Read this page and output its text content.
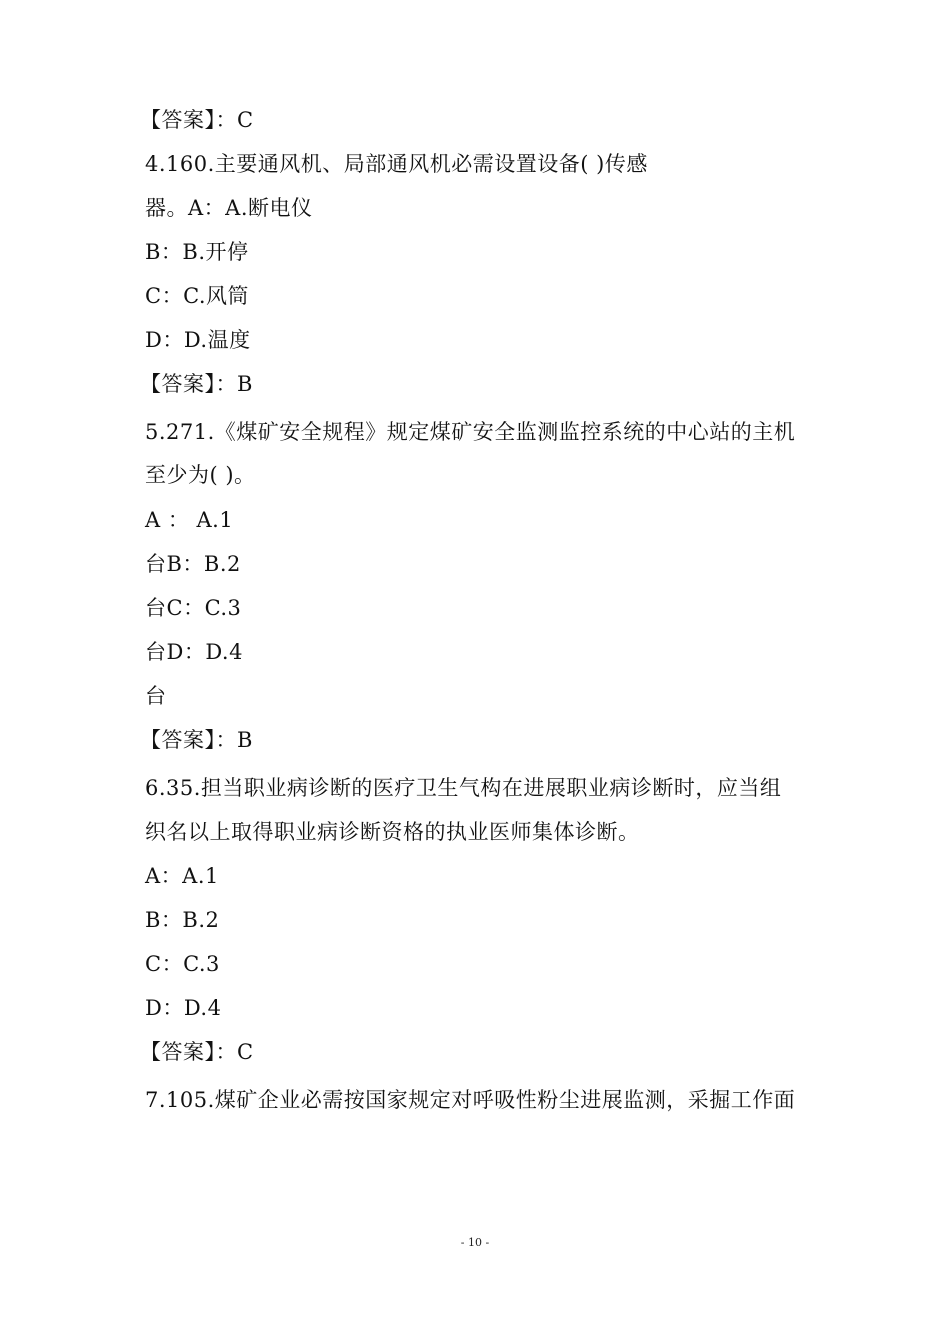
【答案】：C
4.160.主要通风机、局部通风机必需设置设备( )传感
器。A：A.断电仪
B：B.开停
C：C.风筒
D：D.温度
【答案】：B
5.271.《煤矿安全规程》规定煤矿安全监测监控系统的中心站的主机
至少为( )。
A ： A.1
台B：B.2
台C：C.3
台D：D.4
台
【答案】：B
6.35.担当职业病诊断的医疗卫生气构在进展职业病诊断时，应当组
织名以上取得职业病诊断资格的执业医师集体诊断。
A：A.1
B：B.2
C：C.3
D：D.4
【答案】：C
7.105.煤矿企业必需按国家规定对呼吸性粉尘进展监测，采掘工作面
- 10 -
